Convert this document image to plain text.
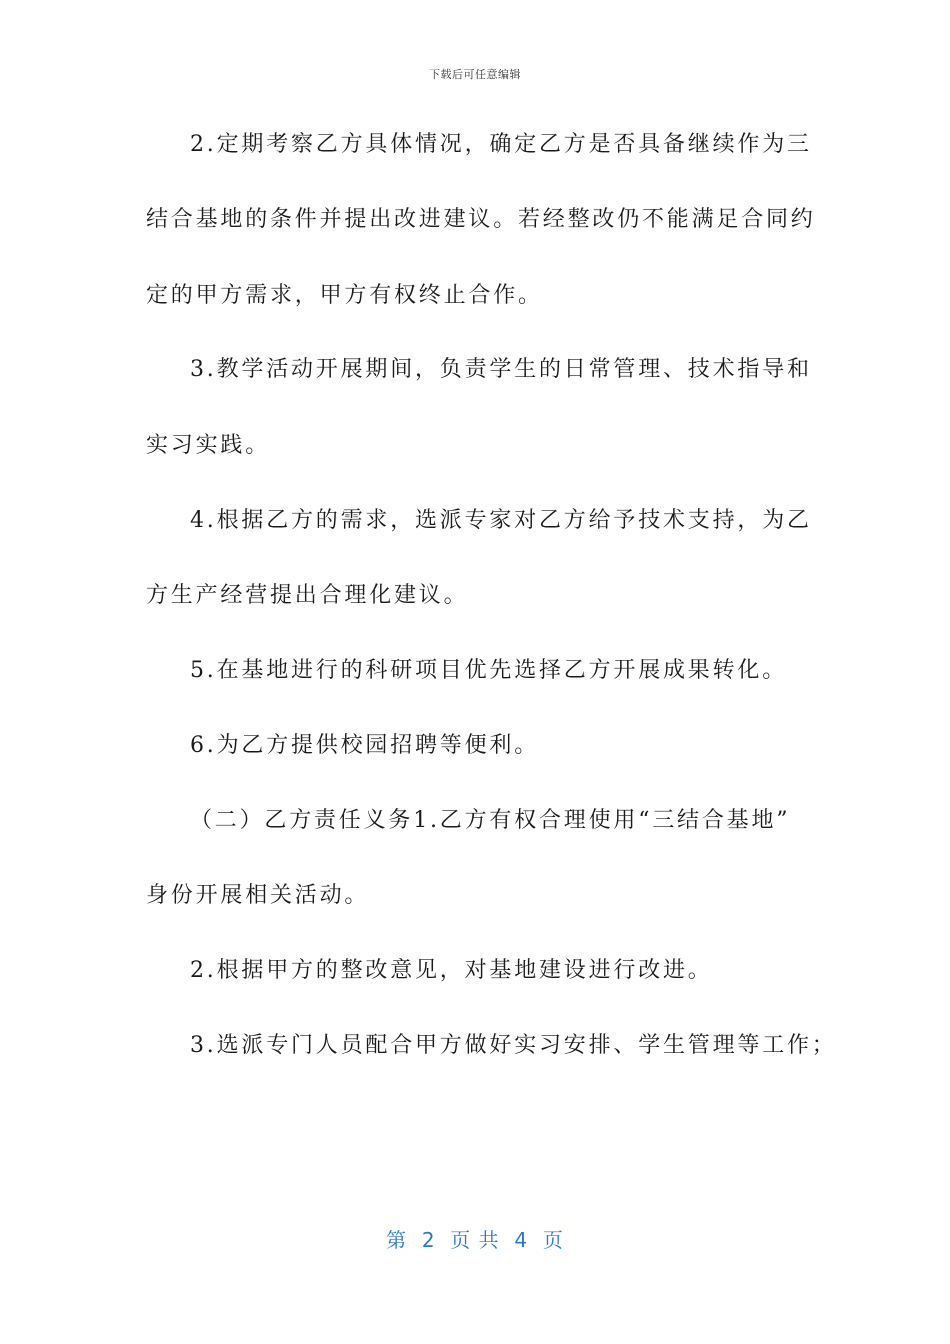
下载后可任意编辑
2.定期考察乙方具体情况，确定乙方是否具备继续作为三
结合基地的条件并提出改进建议。若经整改仍不能满足合同约
定的甲方需求，甲方有权终止合作。
3.教学活动开展期间，负责学生的日常管理、技术指导和
实习实践。
4.根据乙方的需求，选派专家对乙方给予技术支持，为乙
方生产经营提出合理化建议。
5.在基地进行的科研项目优先选择乙方开展成果转化。
6.为乙方提供校园招聘等便利。
（二）乙方责任义务1.乙方有权合理使用“三结合基地”
身份开展相关活动。
2.根据甲方的整改意见，对基地建设进行改进。
3.选派专门人员配合甲方做好实习安排、学生管理等工作；
第  2  页 共  4  页
